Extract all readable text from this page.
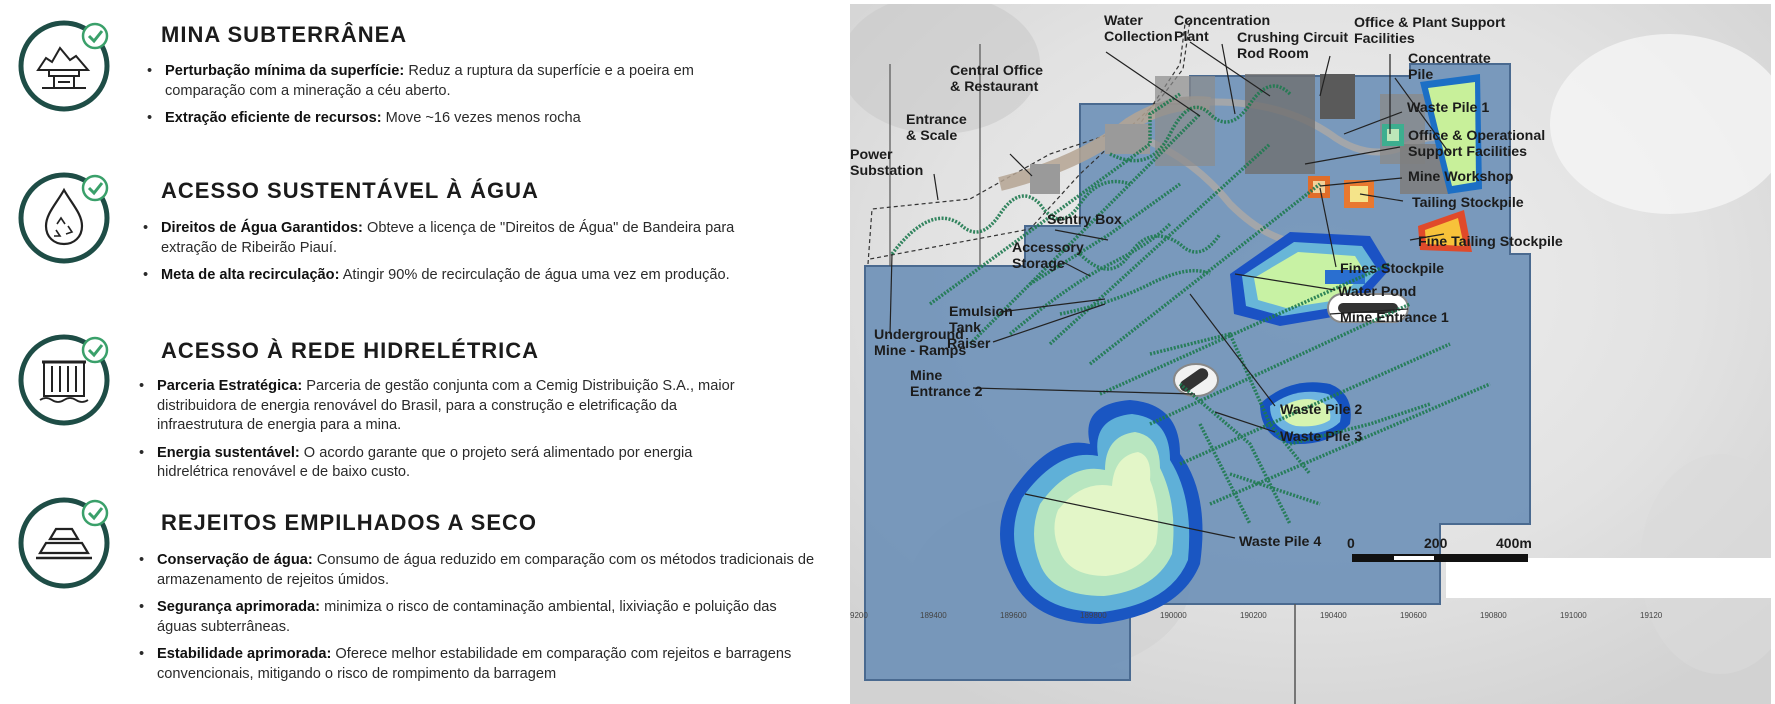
MINA SUBTERRÂNEA
• Perturbação mínima da superfície: Reduz a ruptura da superfície e a poeira em comparação com a mineração a céu aberto.
• Extração eficiente de recursos: Move ~16 vezes menos rocha
ACESSO SUSTENTÁVEL À ÁGUA
• Direitos de Água Garantidos: Obteve a licença de "Direitos de Água" de Bandeira para extração de Ribeirão Piauí.
• Meta de alta recirculação: Atingir 90% de recirculação de água uma vez em produção.
ACESSO À REDE HIDRELÉTRICA
• Parceria Estratégica: Parceria de gestão conjunta com a Cemig Distribuição S.A., maior distribuidora de energia renovável do Brasil, para a construção e eletrificação da infraestrutura de energia para a mina.
• Energia sustentável: O acordo garante que o projeto será alimentado por energia hidrelétrica renovável e de baixo custo.
REJEITOS EMPILHADOS A SECO
• Conservação de água: Consumo de água reduzido em comparação com os métodos tradicionais de armazenamento de rejeitos úmidos.
• Segurança aprimorada: minimiza o risco de contaminação ambiental, lixiviação e poluição das águas subterrâneas.
• Estabilidade aprimorada: Oferece melhor estabilidade em comparação com rejeitos e barragens convencionais, mitigando o risco de rompimento da barragem
Water Collection
Concentration Plant	Crushing Circuit Rod Room
Office & Plant Support Facilities
Concentrate Pile
Waste Pile 1
Office & Operational Support Facilities
Mine Workshop
Tailing Stockpile
Fine Tailing Stockpile
Fines Stockpile
Water Pond
Mine Entrance 1
Waste Pile 2
Waste Pile 3
Waste Pile 4
Central Office & Restaurant
Entrance & Scale
Power Substation
Sentry Box
Accessory Storage
Emulsion Tank
Raiser
Underground Mine - Ramps
Mine Entrance 2
0	200	400m
9200	189400	189600	189800	190000	190200	190400	190600	190800	191000	19120
